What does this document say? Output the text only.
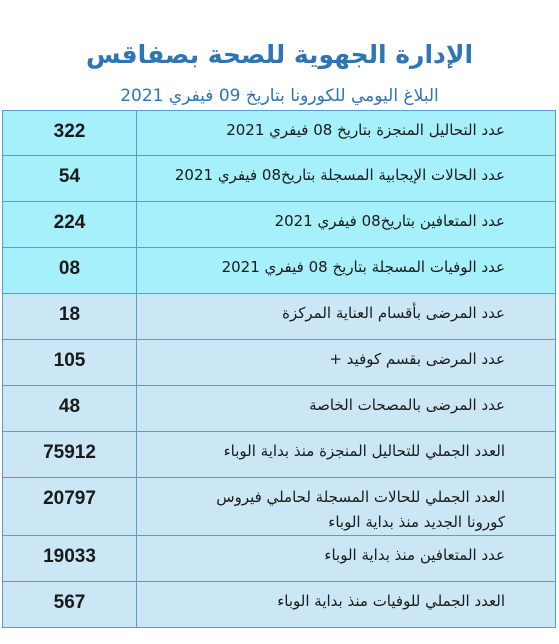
الإدارة الجهوية للصحة بصفاقس
البلاغ اليومي للكورونا بتاريخ 09 فيفري 2021
322	عدد التحاليل المنجزة بتاريخ 08 فيفري 2021
54	عدد الحالات الإيجابية المسجلة بتاريخ08 فيفري 2021
224	عدد المتعافين بتاريخ08 فيفري 2021
08	عدد الوفيات المسجلة بتاريخ 08 فيفري 2021
18	عدد المرضى بأقسام العناية المركزة
105	عدد المرضى بقسم كوفيد +
48	عدد المرضى بالمصحات الخاصة
75912	العدد الجملي للتحاليل المنجزة منذ بداية الوباء
20797	العدد الجملي للحالات المسجلة لحاملي فيروس
كورونا الجديد منذ بداية الوباء

19033	عدد المتعافين منذ بداية الوباء
567	العدد الجملي للوفيات منذ بداية الوباء
